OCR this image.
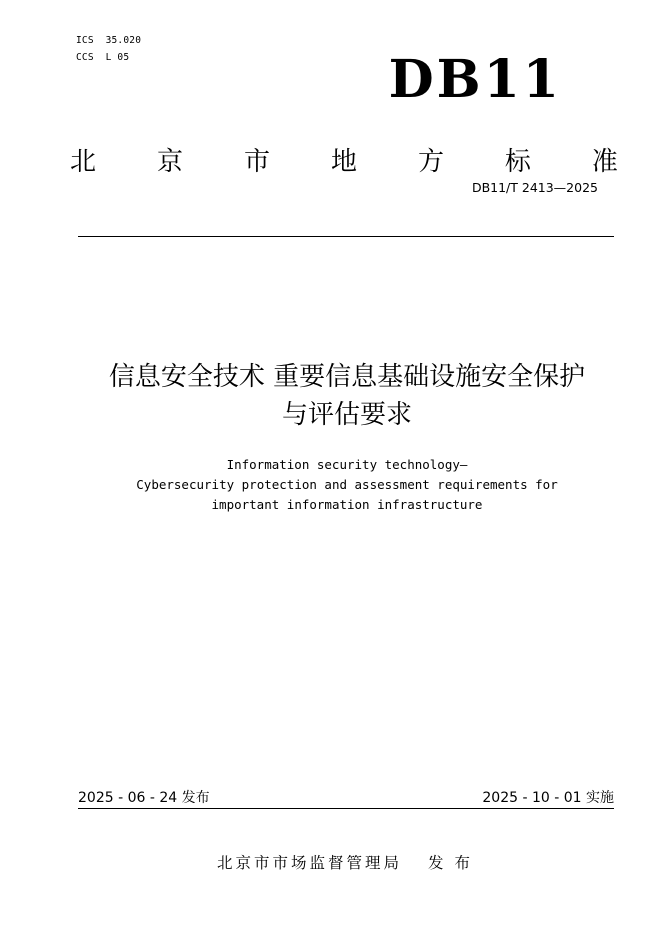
ICS  35.020
CCS  L 05	DB11
北 京 市 地 方 标 准
DB11/T 2413—2025
信息安全技术 重要信息基础设施安全保护
与评估要求
Information security technology—
Cybersecurity protection and assessment requirements for
important information infrastructure
2025 - 06 - 24 发布	2025 - 10 - 01 实施
北京市市场监督管理局 发 布
